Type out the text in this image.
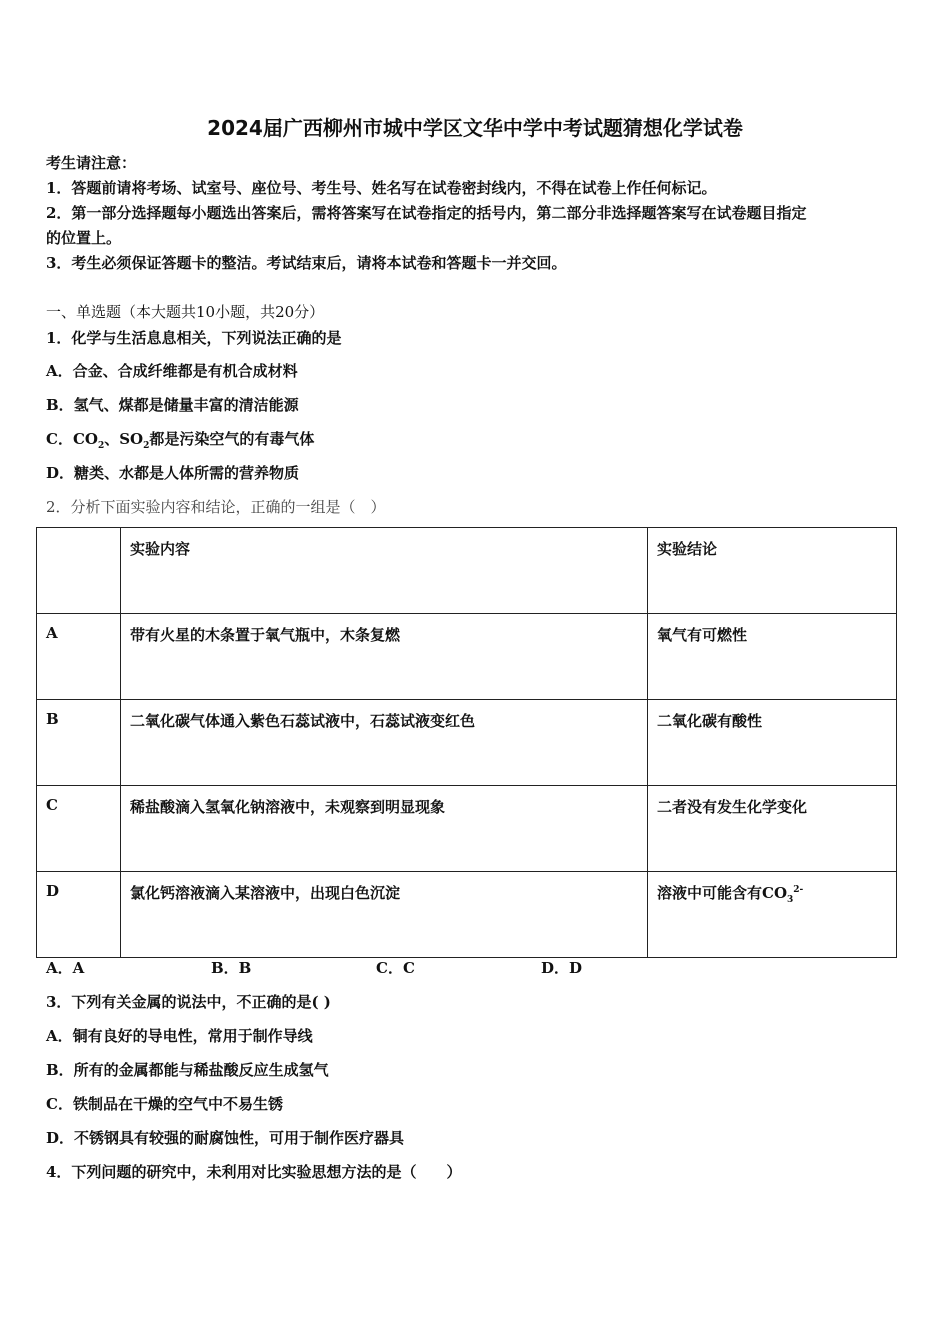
2024届广西柳州市城中学区文华中学中考试题猜想化学试卷
考生请注意：
1．答题前请将考场、试室号、座位号、考生号、姓名写在试卷密封线内，不得在试卷上作任何标记。
2．第一部分选择题每小题选出答案后，需将答案写在试卷指定的括号内，第二部分非选择题答案写在试卷题目指定
的位置上。
3．考生必须保证答题卡的整洁。考试结束后，请将本试卷和答题卡一并交回。
一、单选题（本大题共10小题，共20分）
1．化学与生活息息相关，下列说法正确的是
A．合金、合成纤维都是有机合成材料
B．氢气、煤都是储量丰富的清洁能源
C．$CO_2$、$SO_2$都是污染空气的有毒气体
D．糖类、水都是人体所需的营养物质
2．分析下面实验内容和结论，正确的一组是（　）
	实验内容	实验结论
A	带有火星的木条置于氧气瓶中，木条复燃	氧气有可燃性
B	二氧化碳气体通入紫色石蕊试液中，石蕊试液变红色	二氧化碳有酸性
C	稀盐酸滴入氢氧化钠溶液中，未观察到明显现象	二者没有发生化学变化
D	氯化钙溶液滴入某溶液中，出现白色沉淀	溶液中可能含有$CO_3^{2-}$
A．A	B．B	C．C	D．D
3．下列有关金属的说法中，不正确的是( )
A．铜有良好的导电性，常用于制作导线
B．所有的金属都能与稀盐酸反应生成氢气
C．铁制品在干燥的空气中不易生锈
D．不锈钢具有较强的耐腐蚀性，可用于制作医疗器具
4．下列问题的研究中，未利用对比实验思想方法的是（　　）
